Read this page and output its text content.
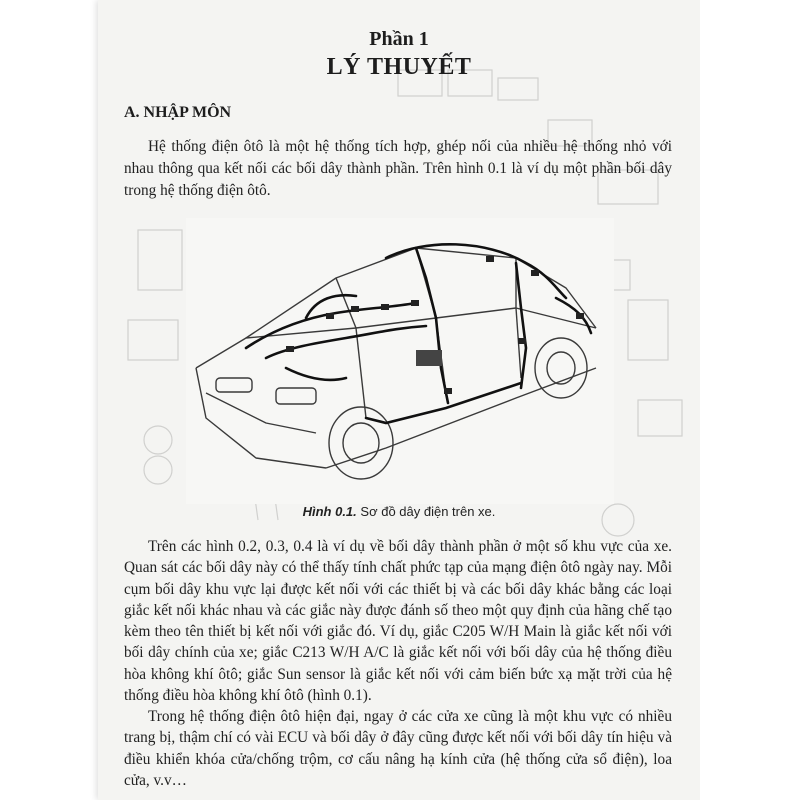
Phần 1
LÝ THUYẾT
A. NHẬP MÔN

Hệ thống điện ôtô là một hệ thống tích hợp, ghép nối của nhiều hệ thống nhỏ với nhau thông qua kết nối các bối dây thành phần. Trên hình 0.1 là ví dụ một phần bối dây trong hệ thống điện ôtô.

Hình 0.1. Sơ đồ dây điện trên xe.

Trên các hình 0.2, 0.3, 0.4 là ví dụ về bối dây thành phần ở một số khu vực của xe. Quan sát các bối dây này có thể thấy tính chất phức tạp của mạng điện ôtô ngày nay. Mỗi cụm bối dây khu vực lại được kết nối với các thiết bị và các bối dây khác bằng các loại giắc kết nối khác nhau và các giắc này được đánh số theo một quy định của hãng chế tạo kèm theo tên thiết bị kết nối với giắc đó. Ví dụ, giắc C205 W/H Main là giắc kết nối với bối dây chính của xe; giắc C213 W/H A/C là giắc kết nối với bối dây của hệ thống điều hòa không khí ôtô; giắc Sun sensor là giắc kết nối với cảm biến bức xạ mặt trời của hệ thống điều hòa không khí ôtô (hình 0.1).

Trong hệ thống điện ôtô hiện đại, ngay ở các cửa xe cũng là một khu vực có nhiều trang bị, thậm chí có vài ECU và bối dây ở đây cũng được kết nối với bối dây tín hiệu và điều khiển khóa cửa/chống trộm, cơ cấu nâng hạ kính cửa (hệ thống cửa sổ điện), loa cửa, v.v…
